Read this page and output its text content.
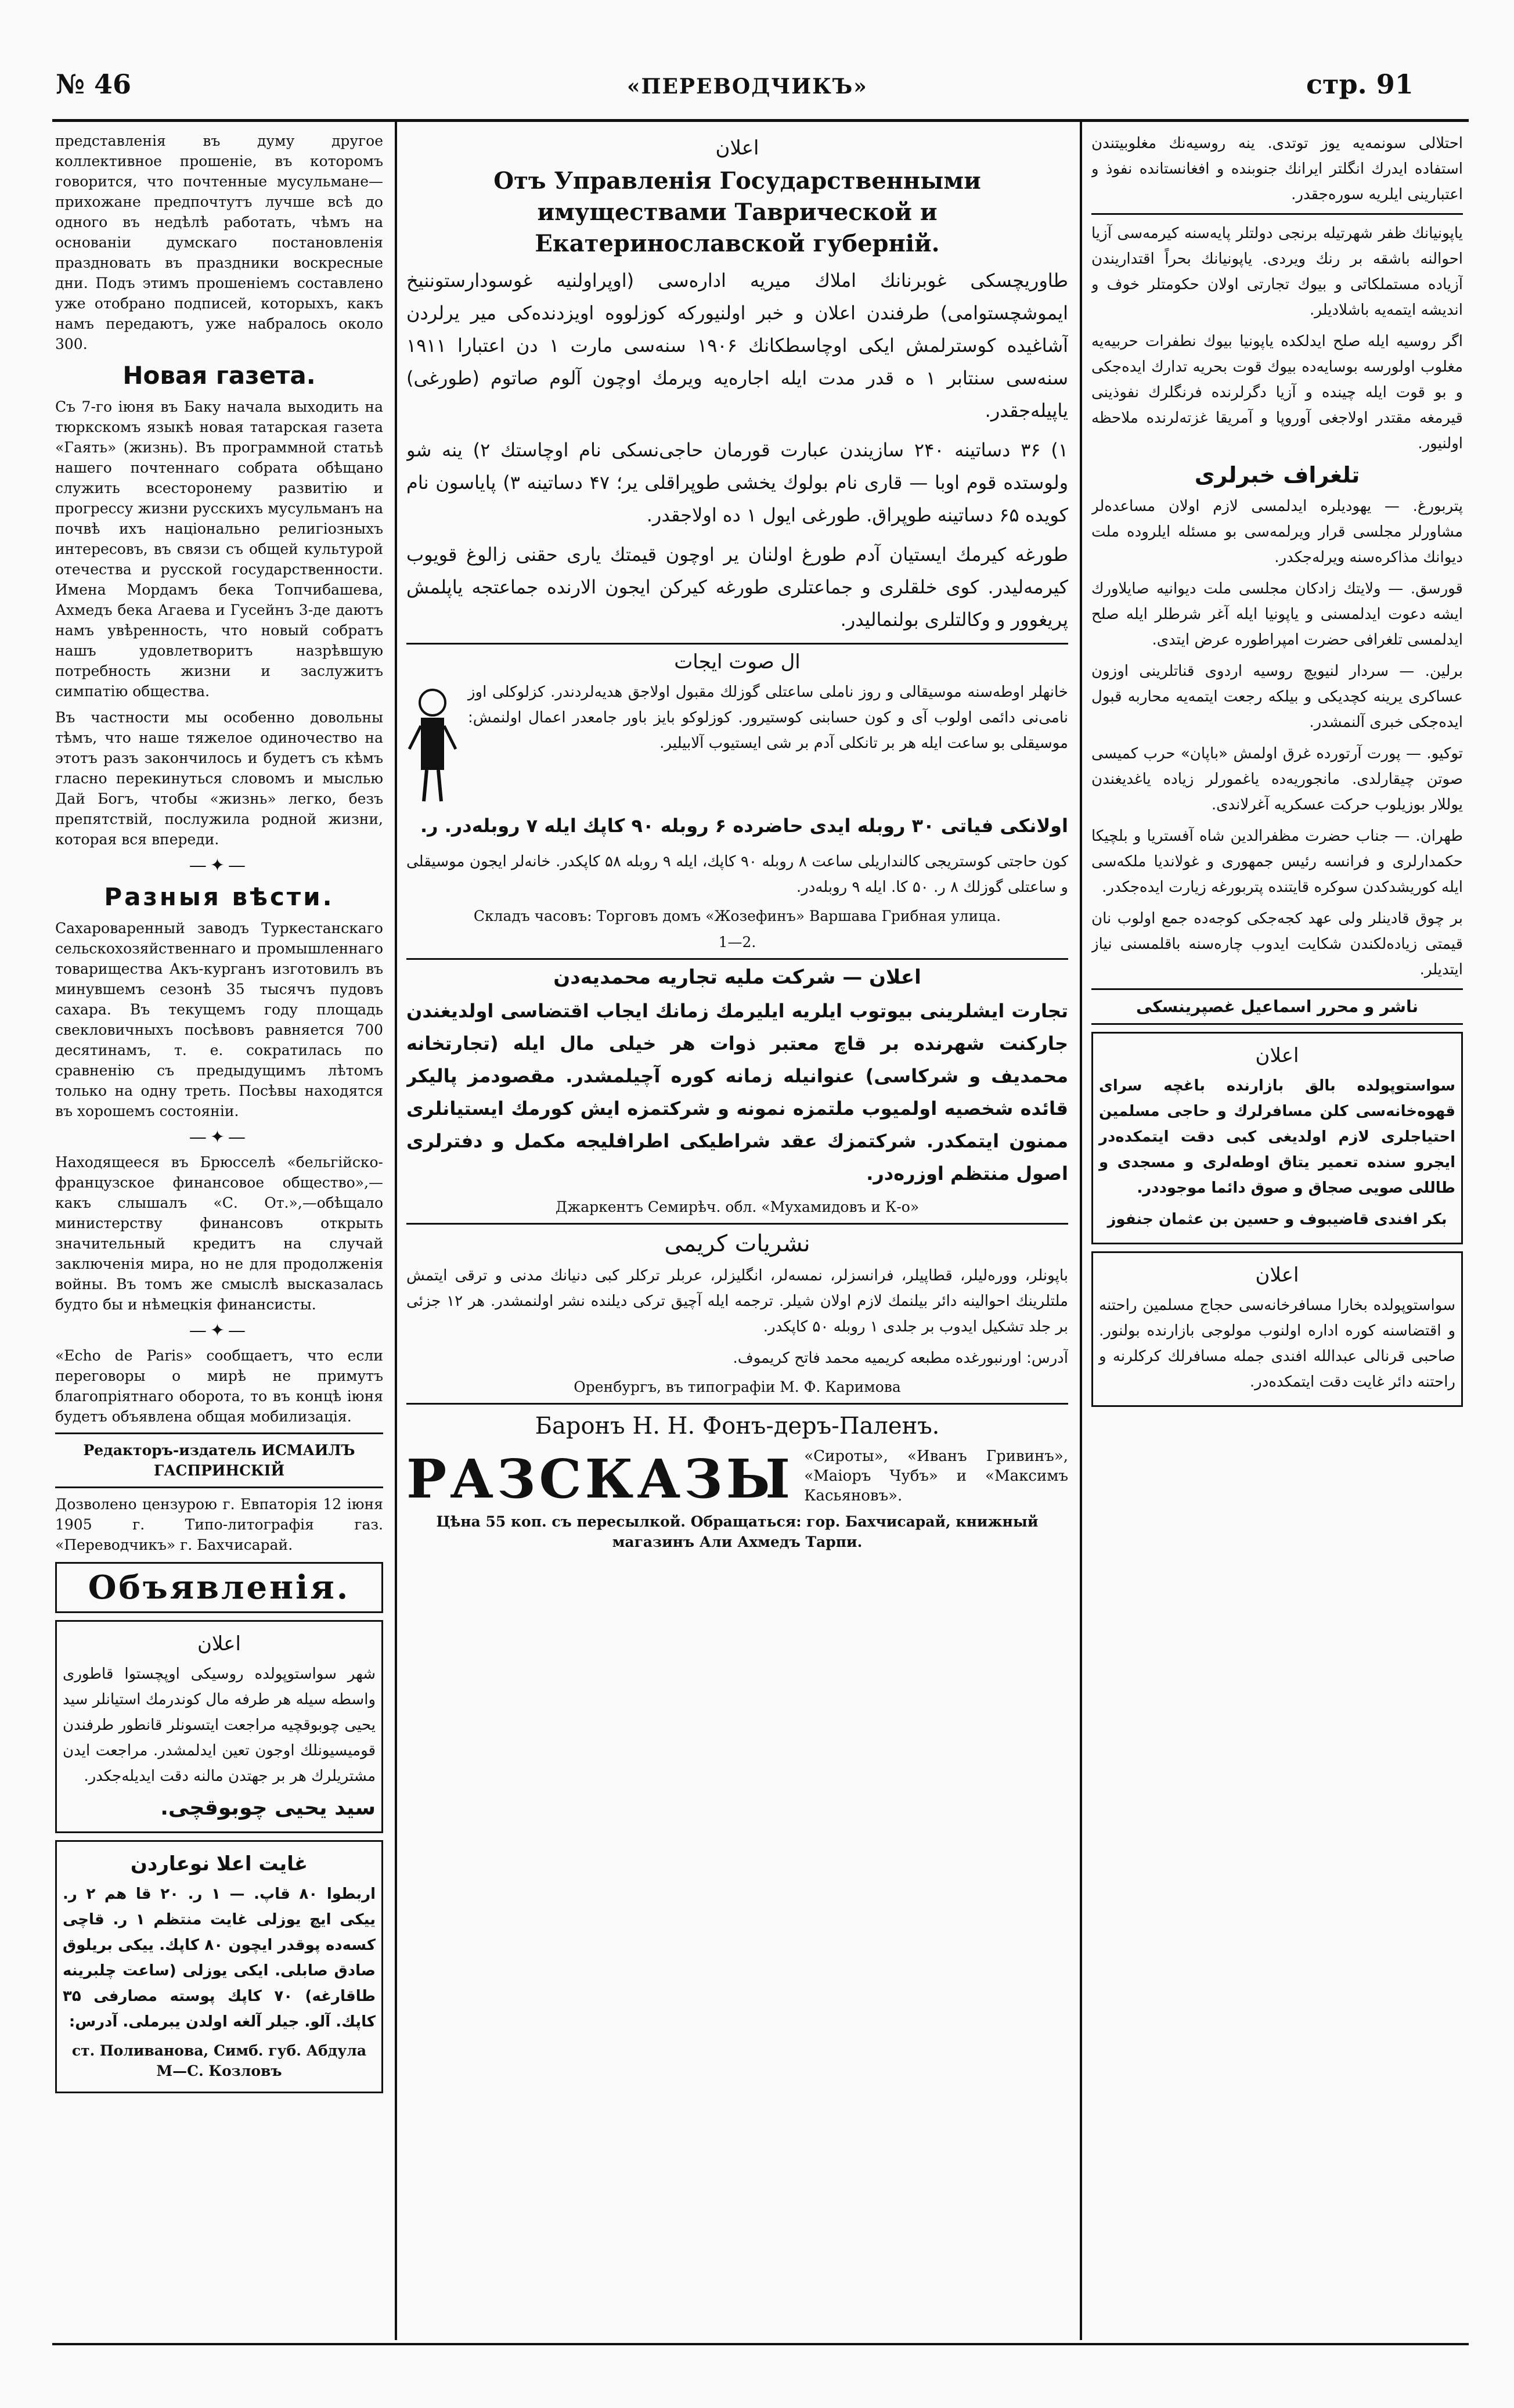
№ 46	«ПЕРЕВОДЧИКЪ»	стр. 91

представленія въ думу другое коллективное прошеніе, въ которомъ говорится, что почтенные мусульмане—прихожане предпочтутъ лучше всѣ до одного въ недѣлѣ работать, чѣмъ на основаніи думскаго постановленія праздновать въ праздники воскресные дни. Подъ этимъ прошеніемъ составлено уже отобрано подписей, которыхъ, какъ намъ передаютъ, уже набралось около 300.

Новая газета.

Съ 7-го іюня въ Баку начала выходить на тюркскомъ языкѣ новая татарская газета «Гаять» (жизнь). Въ программной статьѣ нашего почтеннаго собрата обѣщано служить всесторонему развитію и прогрессу жизни русскихъ мусульманъ на почвѣ ихъ національно религіозныхъ интересовъ, въ связи съ общей культурой отечества и русской государственности. Имена Мордамъ бека Топчибашева, Ахмедъ бека Агаева и Гусейнъ 3-де даютъ намъ увѣренность, что новый собратъ нашъ удовлетворитъ назрѣвшую потребность жизни и заслужитъ симпатію общества.

Въ частности мы особенно довольны тѣмъ, что наше тяжелое одиночество на этотъ разъ закончилось и будетъ съ кѣмъ гласно перекинуться словомъ и мыслью Дай Богъ, чтобы «жизнь» легко, безъ препятствій, послужила родной жизни, которая вся впереди.

—✦—
Разныя вѣсти.

Сахароваренный заводъ Туркестанскаго сельскохозяйственнаго и промышленнаго товарищества Акъ-курганъ изготовилъ въ минувшемъ сезонѣ 35 тысячъ пудовъ сахара. Въ текущемъ году площадь свекловичныхъ посѣвовъ равняется 700 десятинамъ, т. е. сократилась по сравненію съ предыдущимъ лѣтомъ только на одну треть. Посѣвы находятся въ хорошемъ состояніи.

—✦—

Находящееся въ Брюсселѣ «бельгійско-французское финансовое общество»,—какъ слышалъ «С. От.»,—обѣщало министерству финансовъ открыть значительный кредитъ на случай заключенія мира, но не для продолженія войны. Въ томъ же смыслѣ высказалась будто бы и нѣмецкія финансисты.

—✦—

«Echo de Paris» сообщаетъ, что если переговоры о мирѣ не примутъ благопріятнаго оборота, то въ концѣ іюня будетъ объявлена общая мобилизація.

Редакторъ-издатель ИСМАИЛЪ ГАСПРИНСКІЙ

Дозволено цензурою г. Евпаторія 12 іюня 1905 г. Типо-литографія газ. «Переводчикъ» г. Бахчисарай.

Объявленія.
اعلان

شهر سواستوپولده روسيكى اوپچستوا قاطورى واسطه سيله هر طرفه مال كوندرمك استيانلر سيد يحيى چوبوقچيه مراجعت ايتسونلر قانطور طرفندن قوميسيونلك اوجون تعين ايدلمشدر. مراجعت ايدن مشتريلرك هر بر جهتدن مالنه دقت ايديله‌جكدر.

سيد يحيى چوبوقچى.
غايت اعلا نوعاردن

اربطوا ۸۰ قاپ. — ۱ ر. ۲۰ قا هم ۲ ر. ييكى ايچ يوزلى غايت منتظم ۱ ر. قاچى كسه‌ده پوقدر ايچون ۸۰ كاپك. ييكى بريلوق صادق صابلى. ايكى يوزلى (ساعت چلبرينه طاقارغه) ۷۰ كاپك پوسته مصارفى ۳۵ كاپك. آلو. جيلر آلغه اولدن يبرملى. آدرس:

ст. Поливанова, Симб. губ. Абдула М—С. Козловъ

اعلان
Отъ Управленія Государственными имуществами Таврической и Екатеринославской губерній.

طاوريچسكى غوبرنانك املاك ميريه اداره‌سى (اوپراولنيه غوسودارستوننيخ ايموشچستوامى) طرفندن اعلان و خبر اولنيوركه كوزلووه اويزدنده‌كى مير يرلردن آشاغيده كوسترلمش ايكى اوچاسطكانك ۱۹۰۶ سنه‌سى مارت ۱ دن اعتبارا ۱۹۱۱ سنه‌سى سنتابر ۱ ه قدر مدت ايله اجاره‌يه ويرمك اوچون آلوم صاتوم (طورغى) ياپيله‌جقدر.

۱) ۳۶ دساتينه ۲۴۰ سازيندن عبارت قورمان حاجى‌نسكى نام اوچاستك ۲) ينه شو ولوستده قوم اوبا — قارى نام بولوك يخشى طوپراقلى ير؛ ۴۷ دساتينه ۳) پاياسون نام كويده ۶۵ دساتينه طوپراق. طورغى ايول ۱ ده اولاجقدر.

طورغه كيرمك ايستيان آدم طورغ اولنان ير اوچون قيمتك يارى حقنى زالوغ قويوب كيرمه‌ليدر. كوى خلقلرى و جماعتلرى طورغه كيركن ايجون الارنده جماعتجه ياپلمش پريغوور و وكالتلرى بولنمالیدر.

ال صوت ايجات

خانهلر اوطه‌سنه موسيقالى و روز ناملى ساعتلى گوزلك مقبول اولاجق هديه‌لردندر. كزلوكلى اوز نامى‌نى دائمى اولوب آى و كون حسابنى كوستيرور. كوزلوكو بايز باور جامعدر اعمال اولنمش: موسيقلى بو ساعت ايله هر بر تانكلى آدم بر شى ايستيوب آلابيلير.

اولانكى فياتى ۳۰ روبله ايدى حاضرده ۶ روبله ۹۰ كاپك ايله ۷ روبله‌در. ر.

كون حاجتى كوستريجى كالنداريلى ساعت ۸ روبله ۹۰ كاپك، ايله ۹ روبله ۵۸ كاپكدر. خانه‌لر ايجون موسيقلى و ساعتلى گوزلك ۸ ر. ۵۰ كا. ايله ۹ روبله‌در.

Складъ часовъ: Торговъ домъ «Жозефинъ» Варшава Грибная улица.

1—2.

اعلان — شركت مليه تجاريه محمدیه‌دن

تجارت ايشلرينى بيوتوب ايلريه ايليرمك زمانك ايجاب اقتضاسى اولديغندن جاركنت شهرنده بر قاچ معتبر ذوات هر خيلى مال ايله (تجارتخانه محمدیف و شركاسى) عنوانيله زمانه كوره آچيلمشدر. مقصودمز پاليكر قائده شخصيه اولميوب ملتمزه نمونه و شركتمزه ايش كورمك ايستيانلرى ممنون ايتمكدر. شركتمزك عقد شراطيكى اطرافليجه مكمل و دفترلرى اصول منتظم اوزره‌در.

Джаркентъ Семирѣч. обл. «Мухамидовъ и К-о»

نشريات كريمى

باپونلر، وورەليلر، قطاپيلر، فرانسزلر، نمسەلر، انگليزلر، عربلر تركلر كبى دنيانك مدنى و ترقى ايتمش ملتلرينك احوالينه دائر بيلنمك لازم اولان شيلر. ترجمه ايله آچيق تركى ديلنده نشر اولنمشدر. هر ۱۲ جزئى بر جلد تشكيل ايدوب بر جلدى ۱ روبله ۵۰ كاپكدر.

آدرس: اورنبورغده مطبعه كريميه محمد فاتح كريموف.

Оренбургъ, въ типографіи М. Ф. Каримова

Баронъ Н. Н. Фонъ-деръ-Паленъ.
РАЗСКАЗЫ «Сироты», «Иванъ Гривинъ», «Маіоръ Чубъ» и «Максимъ Касьяновъ».

Цѣна 55 коп. съ пересылкой. Обращаться: гор. Бахчисарай, книжный магазинъ Али Ахмедъ Тарпи.

احتلالى سونمه‌يه يوز توتدى. ينه روسيه‌نك مغلوبيتندن استفاده ايدرك انگلتر ايرانك جنوبنده و افغانستانده نفوذ و اعتبارينى ايلريه سوره‌جقدر.

ياپونيانك ظفر شهرتيله برنجى دولتلر پايه‌سنه كيرمه‌سى آزيا احوالنه باشقه بر رنك ويردى. ياپونيانك بحراً اقتداريندن آزياده مستملكاتى و بيوك تجارتى اولان حكومتلر خوف و انديشه ايتمه‌يه باشلاديلر.

اگر روسيه ايله صلح ايدلكده ياپونيا بيوك نطفرات حربيه‌يه مغلوب اولورسه بوسايه‌ده بيوك قوت بحريه تدارك ايده‌جكى و بو قوت ايله چينده و آزيا دگرلرنده فرنگلرك نفوذينى قيرمغه مقتدر اولاجغى آوروپا و آمريقا غزته‌لرنده ملاحظه اولنيور.

تلغراف خبرلرى

پتربورغ. — يهوديلره ايدلمسى لازم اولان مساعده‌لر مشاورلر مجلسى قرار ويرلمه‌سى بو مسئله ايلروده ملت ديوانك مذاكره‌سنه ويرله‌جكدر.

قورسق. — ولايتك زادكان مجلسى ملت ديوانيه صايلاورك ايشه دعوت ايدلمسنى و ياپونيا ايله آغر شرطلر ايله صلح ايدلمسى تلغرافى حضرت امپراطوره عرض ايتدى.

برلين. — سردار لنيويچ روسيه اردوى قناتلرينى اوزون عساكرى يرينه كچديكى و بيلكه رجعت ايتمه‌يه محاربه قبول ايده‌جكى خبرى آلنمشدر.

توكيو. — پورت آرتورده غرق اولمش «باپان» حرب كميسى صوتن چيقارلدى. مانجوريه‌ده ياغمورلر زياده ياغديغندن يوللار بوزيلوب حركت عسكريه آغرلاندى.

طهران. — جناب حضرت مظفرالدين شاه آفستريا و بلچيكا حكمدارلرى و فرانسه رئيس جمهورى و غولانديا ملكه‌سى ايله كوريشدكدن سوكره قايتنده پتربورغه زيارت ايده‌جكدر.

بر چوق قادينلر ولى عهد كجه‌جكى كوجه‌ده جمع اولوب نان قيمتى زياده‌لكندن شكايت ايدوب چاره‌سنه باقلمسنى نياز ايتديلر.

ناشر و محرر اسماعيل غصپرينسكى
اعلان

سواستوپولده بالق بازارنده باغچه سراى قهوه‌خانه‌سى كلن مسافرلرك و حاجى مسلمين احتياجلرى لازم اولديغى كبى دقت ايتمكده‌در ايجرو سنده تعمير يتاق اوطه‌لرى و مسجدى و طاللى صويى صجاق و صوق دائما موجوددر.

بكر افندى قاضيبوف و حسين بن عثمان جنفوز

اعلان

سواستوپولده بخارا مسافرخانه‌سى حجاج مسلمين راحتنه و اقتضاسنه كوره اداره اولنوب مولوجى بازارنده بولنور. صاحبى قرنالى عبدالله افندى جمله مسافرلك كركلرنه و راحتنه دائر غايت دقت ايتمكده‌در.
